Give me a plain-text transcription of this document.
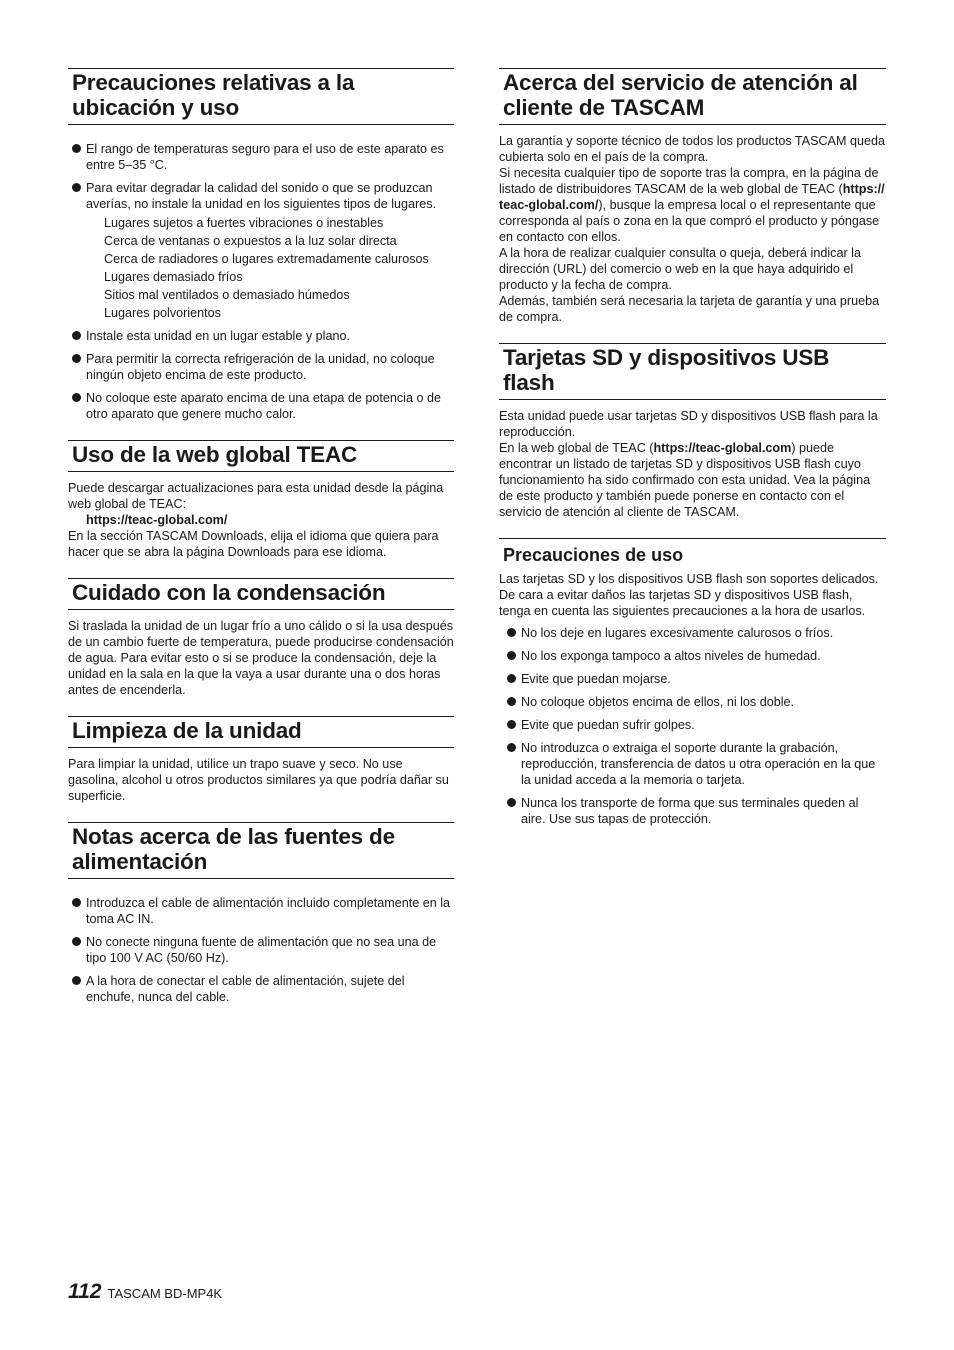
Precauciones relativas a la
ubicación y uso
El rango de temperaturas seguro para el uso de este aparato es entre 5–35 °C.
Para evitar degradar la calidad del sonido o que se produzcan averías, no instale la unidad en los siguientes tipos de lugares.
Lugares sujetos a fuertes vibraciones o inestables
Cerca de ventanas o expuestos a la luz solar directa
Cerca de radiadores o lugares extremadamente calurosos
Lugares demasiado fríos
Sitios mal ventilados o demasiado húmedos
Lugares polvorientos
Instale esta unidad en un lugar estable y plano.
Para permitir la correcta refrigeración de la unidad, no coloque ningún objeto encima de este producto.
No coloque este aparato encima de una etapa de potencia o de otro aparato que genere mucho calor.
Uso de la web global TEAC

Puede descargar actualizaciones para esta unidad desde la página web global de TEAC:

https://teac-global.com/

En la sección TASCAM Downloads, elija el idioma que quiera para hacer que se abra la página Downloads para ese idioma.

Cuidado con la condensación

Si traslada la unidad de un lugar frío a uno cálido o si la usa después de un cambio fuerte de temperatura, puede producirse condensación de agua. Para evitar esto o si se produce la condensación, deje la unidad en la sala en la que la vaya a usar durante una o dos horas antes de encenderla.

Limpieza de la unidad

Para limpiar la unidad, utilice un trapo suave y seco. No use gasolina, alcohol u otros productos similares ya que podría dañar su superficie.

Notas acerca de las fuentes de
alimentación
Introduzca el cable de alimentación incluido completamente en la toma AC IN.
No conecte ninguna fuente de alimentación que no sea una de tipo 100 V AC (50/60 Hz).
A la hora de conectar el cable de alimentación, sujete del enchufe, nunca del cable.
Acerca del servicio de atención al
cliente de TASCAM

La garantía y soporte técnico de todos los productos TASCAM queda cubierta solo en el país de la compra.

Si necesita cualquier tipo de soporte tras la compra, en la página de listado de distribuidores TASCAM de la web global de TEAC (https:// teac-global.com/), busque la empresa local o el representante que corresponda al país o zona en la que compró el producto y póngase en contacto con ellos.

A la hora de realizar cualquier consulta o queja, deberá indicar la dirección (URL) del comercio o web en la que haya adquirido el producto y la fecha de compra.

Además, también será necesaria la tarjeta de garantía y una prueba de compra.

Tarjetas SD y dispositivos USB flash

Esta unidad puede usar tarjetas SD y dispositivos USB flash para la reproducción.

En la web global de TEAC (https://teac-global.com) puede encontrar un listado de tarjetas SD y dispositivos USB flash cuyo funcionamiento ha sido confirmado con esta unidad. Vea la página de este producto y también puede ponerse en contacto con el servicio de atención al cliente de TASCAM.

Precauciones de uso

Las tarjetas SD y los dispositivos USB flash son soportes delicados. De cara a evitar daños las tarjetas SD y dispositivos USB flash, tenga en cuenta las siguientes precauciones a la hora de usarlos.

No los deje en lugares excesivamente calurosos o fríos.
No los exponga tampoco a altos niveles de humedad.
Evite que puedan mojarse.
No coloque objetos encima de ellos, ni los doble.
Evite que puedan sufrir golpes.
No introduzca o extraiga el soporte durante la grabación, reproducción, transferencia de datos u otra operación en la que la unidad acceda a la memoria o tarjeta.
Nunca los transporte de forma que sus terminales queden al aire. Use sus tapas de protección.
112 TASCAM BD-MP4K
